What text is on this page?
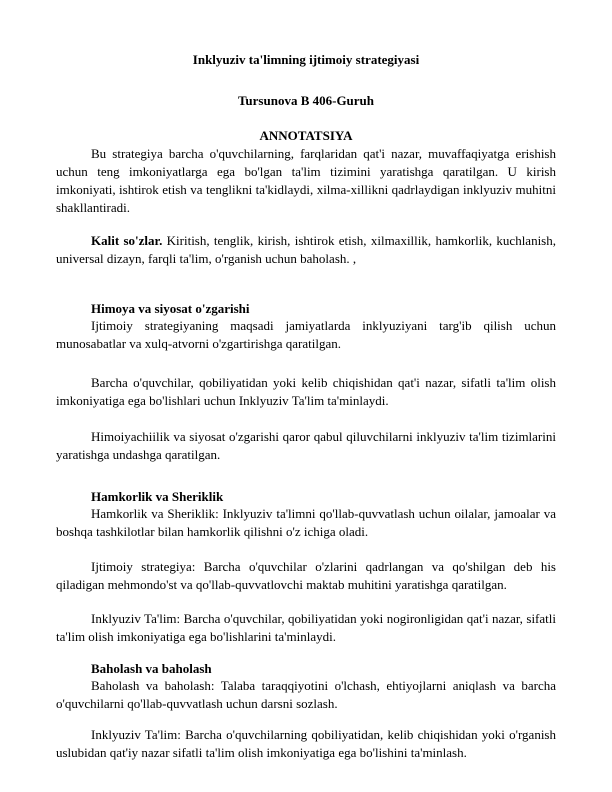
Inklyuziv ta'limning ijtimoiy strategiyasi

Tursunova B 406-Guruh

ANNOTATSIYA

Bu strategiya barcha o'quvchilarning, farqlaridan qat'i nazar, muvaffaqiyatga erishish uchun teng imkoniyatlarga ega bo'lgan ta'lim tizimini yaratishga qaratilgan. U kirish imkoniyati, ishtirok etish va tenglikni ta'kidlaydi, xilma-xillikni qadrlaydigan inklyuziv muhitni shakllantiradi.

Kalit so'zlar. Kiritish, tenglik, kirish, ishtirok etish, xilmaxillik, hamkorlik, kuchlanish, universal dizayn, farqli ta'lim, o'rganish uchun baholash. ,

Himoya va siyosat o'zgarishi

Ijtimoiy strategiyaning maqsadi jamiyatlarda inklyuziyani targ'ib qilish uchun munosabatlar va xulq-atvorni o'zgartirishga qaratilgan.

Barcha o'quvchilar, qobiliyatidan yoki kelib chiqishidan qat'i nazar, sifatli ta'lim olish imkoniyatiga ega bo'lishlari uchun Inklyuziv Ta'lim ta'minlaydi.

Himoiyachiilik va siyosat o'zgarishi qaror qabul qiluvchilarni inklyuziv ta'lim tizimlarini yaratishga undashga qaratilgan.

Hamkorlik va Sheriklik

Hamkorlik va Sheriklik: Inklyuziv ta'limni qo'llab-quvvatlash uchun oilalar, jamoalar va boshqa tashkilotlar bilan hamkorlik qilishni o'z ichiga oladi.

Ijtimoiy strategiya: Barcha o'quvchilar o'zlarini qadrlangan va qo'shilgan deb his qiladigan mehmondo'st va qo'llab-quvvatlovchi maktab muhitini yaratishga qaratilgan.

Inklyuziv Ta'lim: Barcha o'quvchilar, qobiliyatidan yoki nogironligidan qat'i nazar, sifatli ta'lim olish imkoniyatiga ega bo'lishlarini ta'minlaydi.

Baholash va baholash

Baholash va baholash: Talaba taraqqiyotini o'lchash, ehtiyojlarni aniqlash va barcha o'quvchilarni qo'llab-quvvatlash uchun darsni sozlash.

Inklyuziv Ta'lim: Barcha o'quvchilarning qobiliyatidan, kelib chiqishidan yoki o'rganish uslubidan qat'iy nazar sifatli ta'lim olish imkoniyatiga ega bo'lishini ta'minlash.
